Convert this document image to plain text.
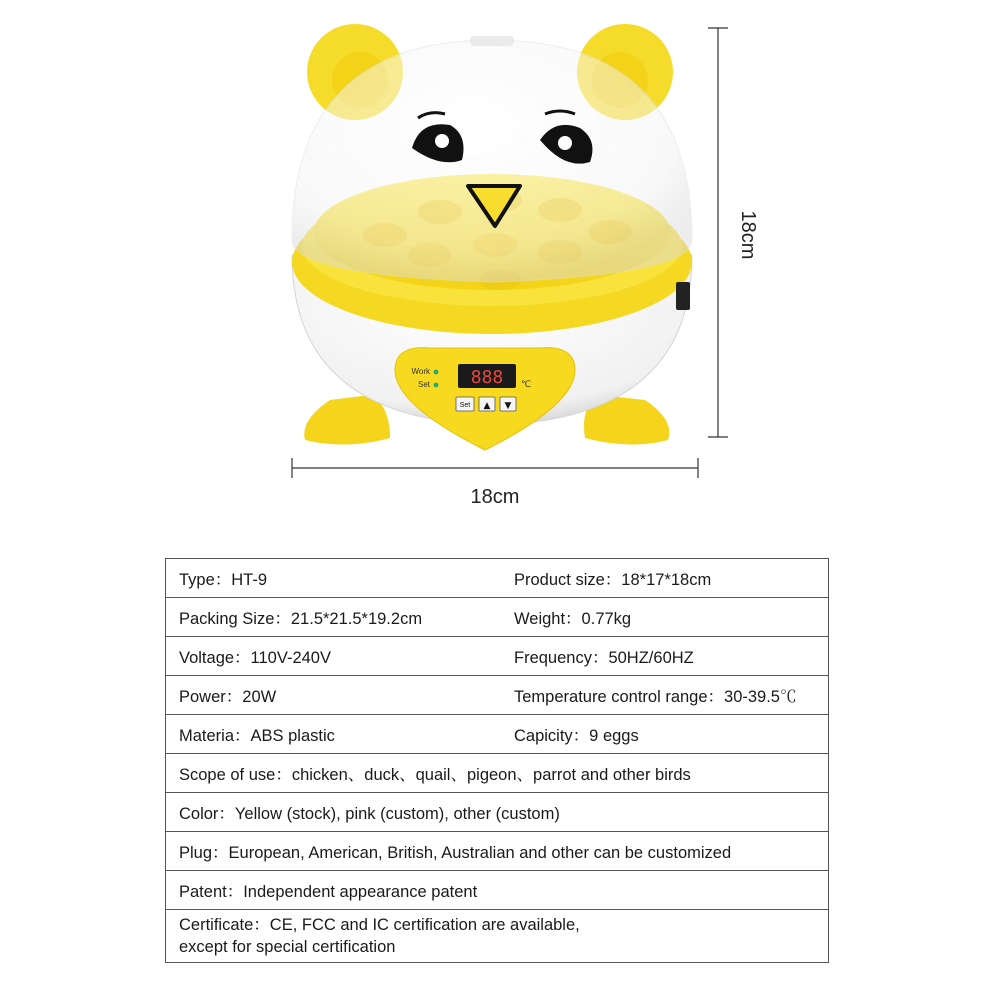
Work
Set 888 ℃
Set ▲ ▼
18cm
18cm
Type：HT-9	Product size：18*17*18cm
Packing Size：21.5*21.5*19.2cm	Weight：0.77kg
Voltage：110V-240V	Frequency：50HZ/60HZ
Power：20W	Temperature control range：30-39.5℃
Materia：ABS plastic	Capicity：9 eggs
Scope of use：chicken、duck、quail、pigeon、parrot and other birds
Color：Yellow (stock), pink (custom), other (custom)
Plug：European, American, British, Australian and other can be customized
Patent：Independent appearance patent
Certificate：CE, FCC and IC certification are available,
except for special certification
